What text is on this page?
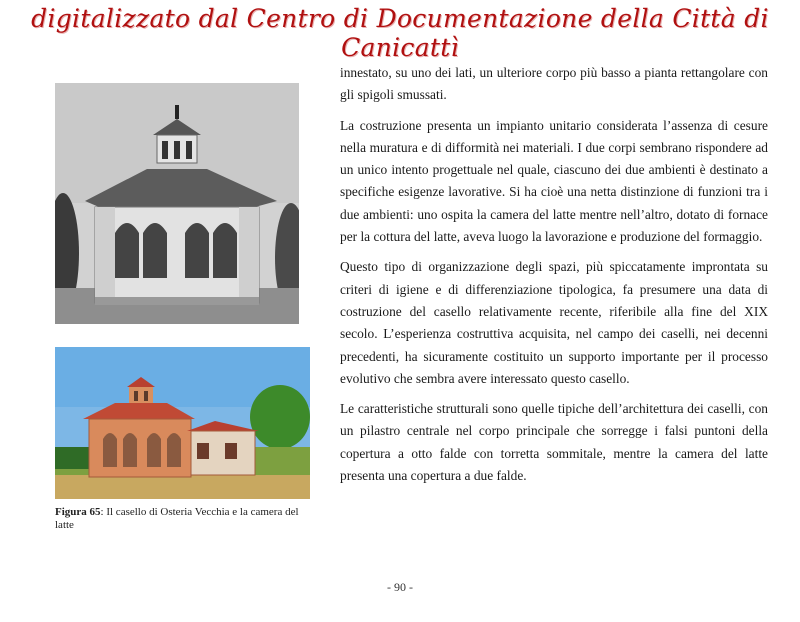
digitalizzato dal Centro di Documentazione della Città di Canicattì
Figura 65: Il casello di Osteria Vecchia e la camera del latte

innestato, su uno dei lati, un ulteriore corpo più basso a pianta rettangolare con gli spigoli smussati.

La costruzione presenta un impianto unitario considerata l’assenza di cesure nella muratura e di difformità nei materiali. I due corpi sembrano rispondere ad un unico intento progettuale nel quale, ciascuno dei due ambienti è destinato a specifiche esigenze lavorative. Si ha cioè una netta distinzione di funzioni tra i due ambienti: uno ospita la camera del latte mentre nell’altro, dotato di fornace per la cottura del latte, aveva luogo la lavorazione e produzione del formaggio.

Questo tipo di organizzazione degli spazi, più spiccatamente improntata su criteri di igiene e di differenziazione tipologica, fa presumere una data di costruzione del casello relativamente recente, riferibile alla fine del XIX secolo. L’esperienza costruttiva acquisita, nel campo dei caselli, nei decenni precedenti, ha sicuramente costituito un supporto importante per il processo evolutivo che sembra avere interessato questo casello.

Le caratteristiche strutturali sono quelle tipiche dell’architettura dei caselli, con un pilastro centrale nel corpo principale che sorregge i falsi puntoni della copertura a otto falde con torretta sommitale, mentre la camera del latte presenta una copertura a due falde.

- 90 -
